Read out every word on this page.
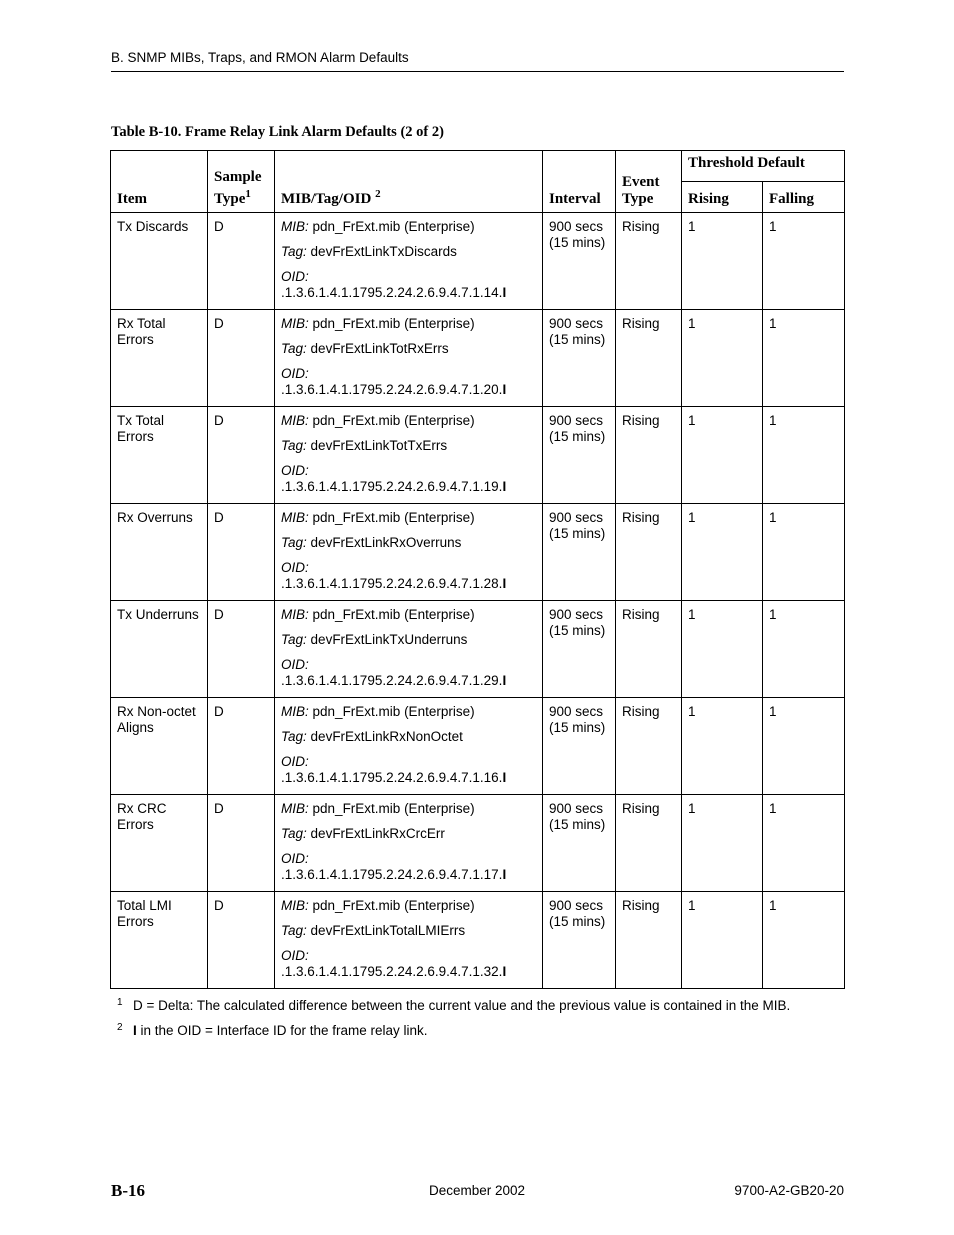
B. SNMP MIBs, Traps, and RMON Alarm Defaults
Table B-10. Frame Relay Link Alarm Defaults (2 of 2)
Item	Sample Type$^1$	MIB/Tag/OID $^2$	Interval	Event Type	Threshold Default	
					Rising	Falling
Tx Discards	D	MIB: pdn_FrExt.mib (Enterprise)
Tag: devFrExtLinkTxDiscards
OID:
.1.3.6.1.4.1.1795.2.24.2.6.9.4.7.1.14.I	900 secs (15 mins)	Rising	1	1
Rx Total Errors	D	MIB: pdn_FrExt.mib (Enterprise)
Tag: devFrExtLinkTotRxErrs
OID:
.1.3.6.1.4.1.1795.2.24.2.6.9.4.7.1.20.I	900 secs (15 mins)	Rising	1	1
Tx Total Errors	D	MIB: pdn_FrExt.mib (Enterprise)
Tag: devFrExtLinkTotTxErrs
OID:
.1.3.6.1.4.1.1795.2.24.2.6.9.4.7.1.19.I	900 secs (15 mins)	Rising	1	1
Rx Overruns	D	MIB: pdn_FrExt.mib (Enterprise)
Tag: devFrExtLinkRxOverruns
OID:
.1.3.6.1.4.1.1795.2.24.2.6.9.4.7.1.28.I	900 secs (15 mins)	Rising	1	1
Tx Underruns	D	MIB: pdn_FrExt.mib (Enterprise)
Tag: devFrExtLinkTxUnderruns
OID:
.1.3.6.1.4.1.1795.2.24.2.6.9.4.7.1.29.I	900 secs (15 mins)	Rising	1	1
Rx Non-octet Aligns	D	MIB: pdn_FrExt.mib (Enterprise)
Tag: devFrExtLinkRxNonOctet
OID:
.1.3.6.1.4.1.1795.2.24.2.6.9.4.7.1.16.I	900 secs (15 mins)	Rising	1	1
Rx CRC Errors	D	MIB: pdn_FrExt.mib (Enterprise)
Tag: devFrExtLinkRxCrcErr
OID:
.1.3.6.1.4.1.1795.2.24.2.6.9.4.7.1.17.I	900 secs (15 mins)	Rising	1	1
Total LMI Errors	D	MIB: pdn_FrExt.mib (Enterprise)
Tag: devFrExtLinkTotalLMIErrs
OID:
.1.3.6.1.4.1.1795.2.24.2.6.9.4.7.1.32.I	900 secs (15 mins)	Rising	1	1
$^1$ D = Delta: The calculated difference between the current value and the previous value is contained in the MIB.
$^2$ I in the OID = Interface ID for the frame relay link.
B-16	December 2002	9700-A2-GB20-20
